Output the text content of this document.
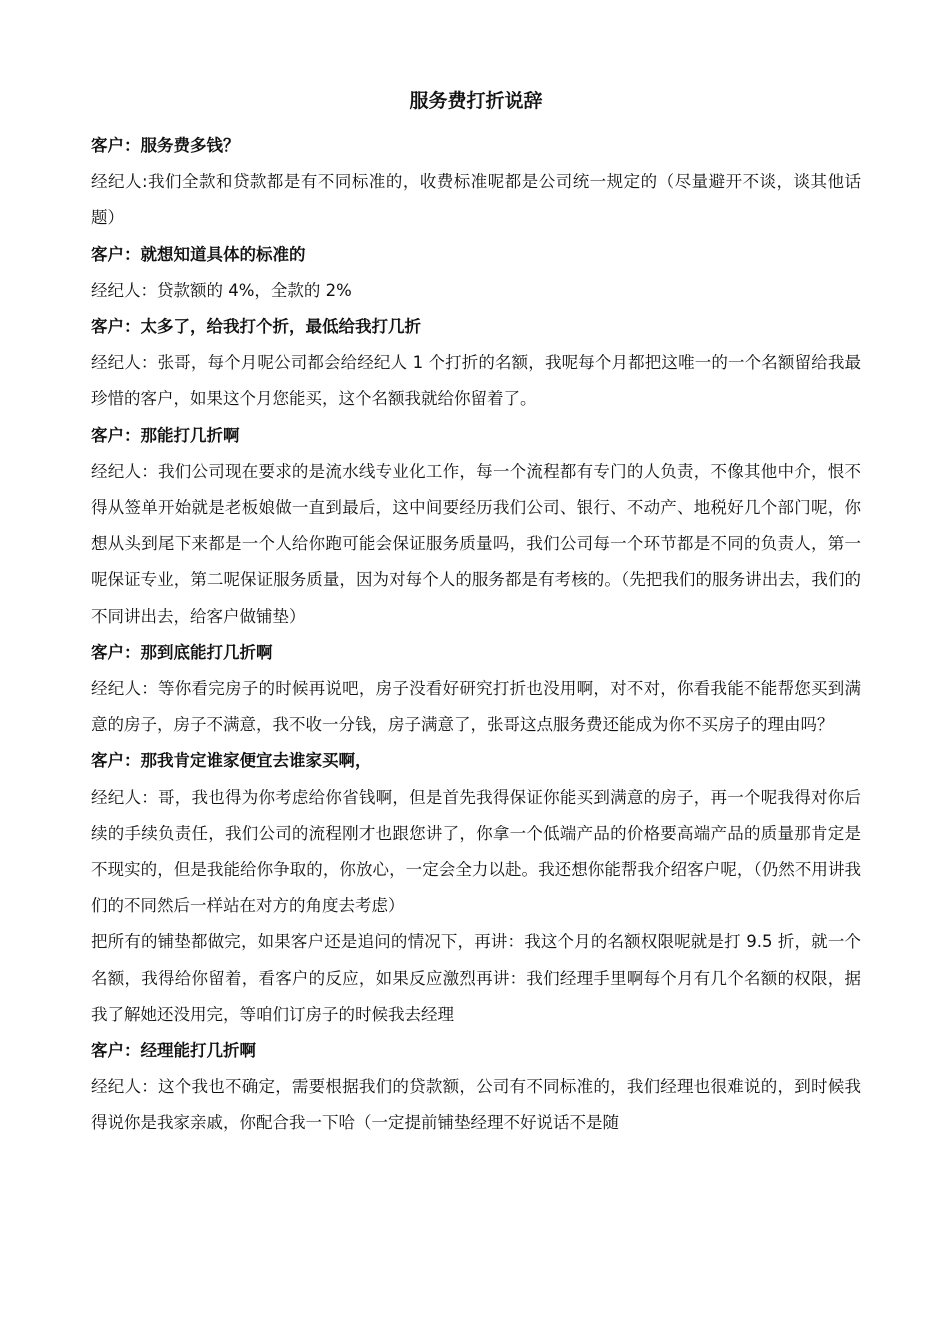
服务费打折说辞

客户：服务费多钱？

经纪人:我们全款和贷款都是有不同标准的，收费标准呢都是公司统一规定的（尽量避开不谈，谈其他话题）

客户：就想知道具体的标准的

经纪人：贷款额的 4%，全款的 2%

客户：太多了，给我打个折，最低给我打几折

经纪人：张哥，每个月呢公司都会给经纪人 1 个打折的名额，我呢每个月都把这唯一的一个名额留给我最珍惜的客户，如果这个月您能买，这个名额我就给你留着了。

客户：那能打几折啊

经纪人：我们公司现在要求的是流水线专业化工作，每一个流程都有专门的人负责，不像其他中介，恨不得从签单开始就是老板娘做一直到最后，这中间要经历我们公司、银行、不动产、地税好几个部门呢，你想从头到尾下来都是一个人给你跑可能会保证服务质量吗，我们公司每一个环节都是不同的负责人，第一呢保证专业，第二呢保证服务质量，因为对每个人的服务都是有考核的。（先把我们的服务讲出去，我们的不同讲出去，给客户做铺垫）

客户：那到底能打几折啊

经纪人：等你看完房子的时候再说吧，房子没看好研究打折也没用啊，对不对，你看我能不能帮您买到满意的房子，房子不满意，我不收一分钱，房子满意了，张哥这点服务费还能成为你不买房子的理由吗？

客户：那我肯定谁家便宜去谁家买啊，

经纪人：哥，我也得为你考虑给你省钱啊，但是首先我得保证你能买到满意的房子，再一个呢我得对你后续的手续负责任，我们公司的流程刚才也跟您讲了，你拿一个低端产品的价格要高端产品的质量那肯定是不现实的，但是我能给你争取的，你放心，一定会全力以赴。我还想你能帮我介绍客户呢，（仍然不用讲我们的不同然后一样站在对方的角度去考虑）

把所有的铺垫都做完，如果客户还是追问的情况下，再讲：我这个月的名额权限呢就是打 9.5 折，就一个名额，我得给你留着，看客户的反应，如果反应激烈再讲：我们经理手里啊每个月有几个名额的权限，据我了解她还没用完，等咱们订房子的时候我去经理

客户：经理能打几折啊

经纪人：这个我也不确定，需要根据我们的贷款额，公司有不同标准的，我们经理也很难说的，到时候我得说你是我家亲戚，你配合我一下哈（一定提前铺垫经理不好说话不是随
